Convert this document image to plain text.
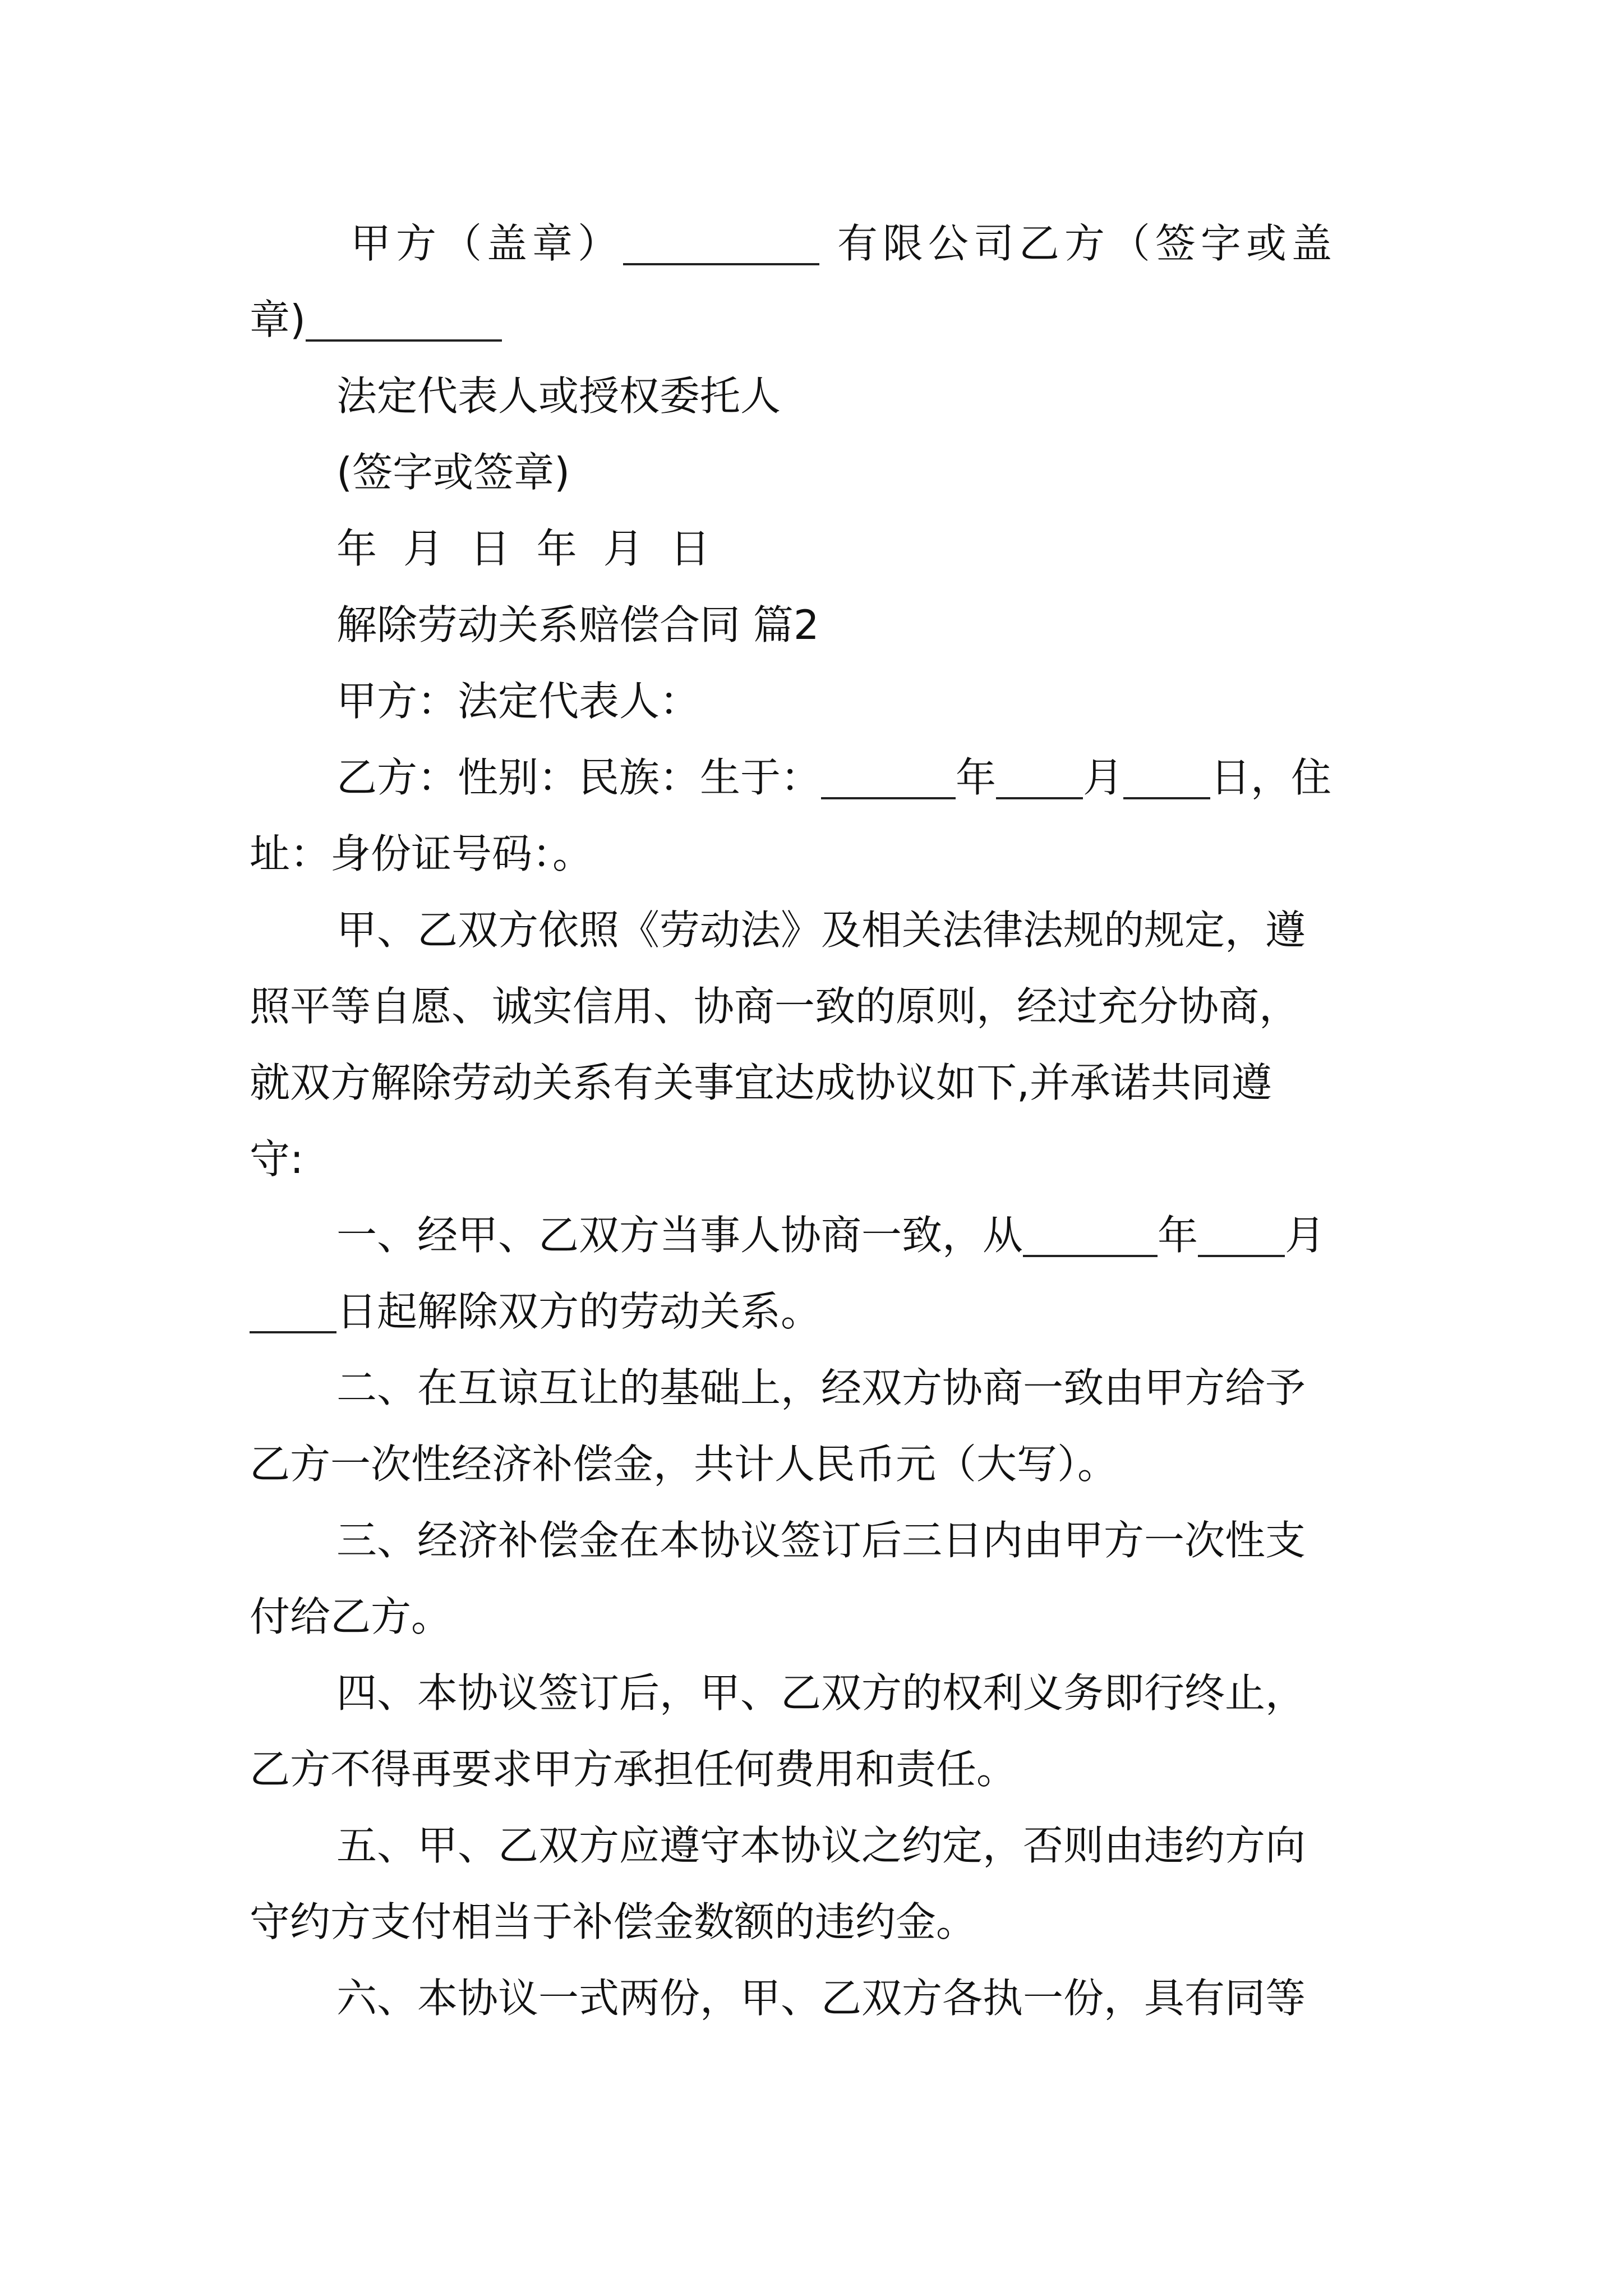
甲方（盖章）	有限公司乙方（签字或盖

章)

法定代表人或授权委托人

(签字或签章)

年 月 日 年 月 日

解除劳动关系赔偿合同 篇2

甲方：法定代表人：

乙方：性别：民族：生于：	年 月 日，住

址：身份证号码：。

甲、乙双方依照《劳动法》及相关法律法规的规定，遵

照平等自愿、诚实信用、协商一致的原则，经过充分协商，

就双方解除劳动关系有关事宜达成协议如下,并承诺共同遵

守:

一、经甲、乙双方当事人协商一致，从	年 月

日起解除双方的劳动关系。

二、在互谅互让的基础上，经双方协商一致由甲方给予

乙方一次性经济补偿金，共计人民币元（大写）。

三、经济补偿金在本协议签订后三日内由甲方一次性支

付给乙方。

四、本协议签订后，甲、乙双方的权利义务即行终止，

乙方不得再要求甲方承担任何费用和责任。

五、甲、乙双方应遵守本协议之约定，否则由违约方向

守约方支付相当于补偿金数额的违约金。

六、本协议一式两份，甲、乙双方各执一份，具有同等
